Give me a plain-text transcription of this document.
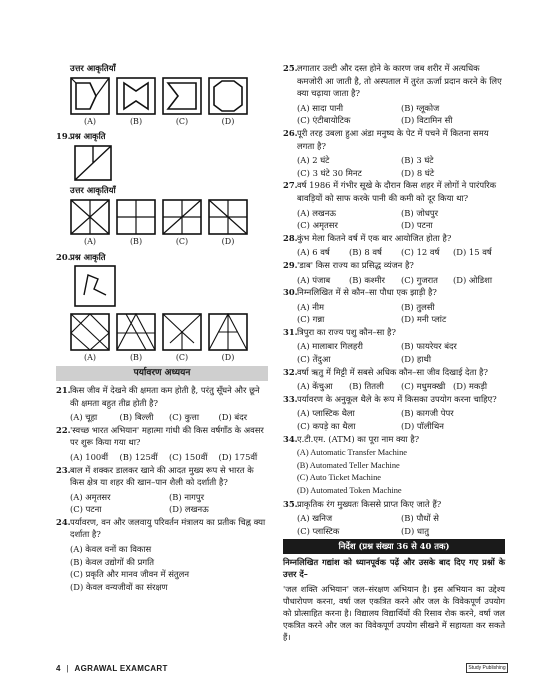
उत्तर आकृतियाँ
(A)	(B)	(C)	(D)
19. प्रश्न आकृति
उत्तर आकृतियाँ
(A)	(B)	(C)	(D)
20. प्रश्न आकृति
(A)	(B)	(C)	(D)
पर्यावरण अध्ययन
21. किस जीव में देखने की क्षमता कम होती है, परंतु सूँघने और छूने की क्षमता बहुत तीव्र होती है?
(A) चूहा	(B) बिल्ली	(C) कुत्ता	(D) बंदर
22. 'स्वच्छ भारत अभियान' महात्मा गांधी की किस वर्षगाँठ के अवसर पर शुरू किया गया था?
(A) 100वीं	(B) 125वीं	(C) 150वीं	(D) 175वीं
23. बाल में शक्कर डालकर खाने की आदत मुख्य रूप से भारत के किस क्षेत्र या शहर की खान–पान शैली को दर्शाती है?
(A) अमृतसर	(B) नागपुर
(C) पटना	(D) लखनऊ
24. पर्यावरण, वन और जलवायु परिवर्तन मंत्रालय का प्रतीक चिह्न क्या दर्शाता है?
(A) केवल वनों का विकास
(B) केवल उद्योगों की प्रगति
(C) प्रकृति और मानव जीवन में संतुलन
(D) केवल वन्यजीवों का संरक्षण
25. लगातार उल्टी और दस्त होने के कारण जब शरीर में अत्यधिक कमजोरी आ जाती है, तो अस्पताल में तुरंत ऊर्जा प्रदान करने के लिए क्या चढ़ाया जाता है?
(A) सादा पानी	(B) ग्लूकोज
(C) एंटीबायोटिक	(D) विटामिन सी
26. पूरी तरह उबला हुआ अंडा मनुष्य के पेट में पचने में कितना समय लगता है?
(A) 2 घंटे	(B) 3 घंटे
(C) 3 घंटे 30 मिनट	(D) 8 घंटे
27. वर्ष 1986 में गंभीर सूखे के दौरान किस शहर में लोगों ने पारंपरिक बावड़ियों को साफ करके पानी की कमी को दूर किया था?
(A) लखनऊ	(B) जोधपुर
(C) अमृतसर	(D) पटना
28. कुंभ मेला कितने वर्ष में एक बार आयोजित होता है?
(A) 6 वर्ष	(B) 8 वर्ष	(C) 12 वर्ष	(D) 15 वर्ष
29. 'डाब' किस राज्य का प्रसिद्ध व्यंजन है?
(A) पंजाब	(B) कश्मीर	(C) गुजरात	(D) ओडिशा
30. निम्नलिखित में से कौन–सा पौधा एक झाड़ी है?
(A) नीम	(B) तुलसी
(C) गन्ना	(D) मनी प्लांट
31. त्रिपुरा का राज्य पशु कौन–सा है?
(A) मालाबार गिलहरी	(B) फायरेयर बंदर
(C) तेंदुआ	(D) हाथी
32. वर्षा ऋतु में मिट्टी में सबसे अधिक कौन–सा जीव दिखाई देता है?
(A) केंचुआ	(B) तितली	(C) मधुमक्खी (D) मकड़ी
33. पर्यावरण के अनुकूल थैले के रूप में किसका उपयोग करना चाहिए?
(A) प्लास्टिक थैला	(B) कागजी पेपर
(C) कपड़े का थैला	(D) पॉलीथिन
34. ए.टी.एम. (ATM) का पूरा नाम क्या है?
(A) Automatic Transfer Machine
(B) Automated Teller Machine
(C) Auto Ticket Machine
(D) Automated Token Machine
35. प्राकृतिक रंग मुख्यतः किससे प्राप्त किए जाते हैं?
(A) खनिज	(B) पौधों से
(C) प्लास्टिक	(D) धातु
निर्देश (प्रश्न संख्या 36 से 40 तक)
निम्नलिखित गद्यांश को ध्यानपूर्वक पढ़ें और उसके बाद दिए गए प्रश्नों के उत्तर दें–
'जल शक्ति अभियान' जल–संरक्षण अभियान है। इस अभियान का उद्देश्य पौधारोपण करना, वर्षा जल एकत्रित करने और जल के विवेकपूर्ण उपयोग को प्रोत्साहित करना है। विद्यालय विद्यार्थियों की रिसाव रोक करने, वर्षा जल एकत्रित करने और जल का विवेकपूर्ण उपयोग सीखने में सहायता कर सकते हैं।
4 | AGRAWAL EXAMCART	Study Publishing
